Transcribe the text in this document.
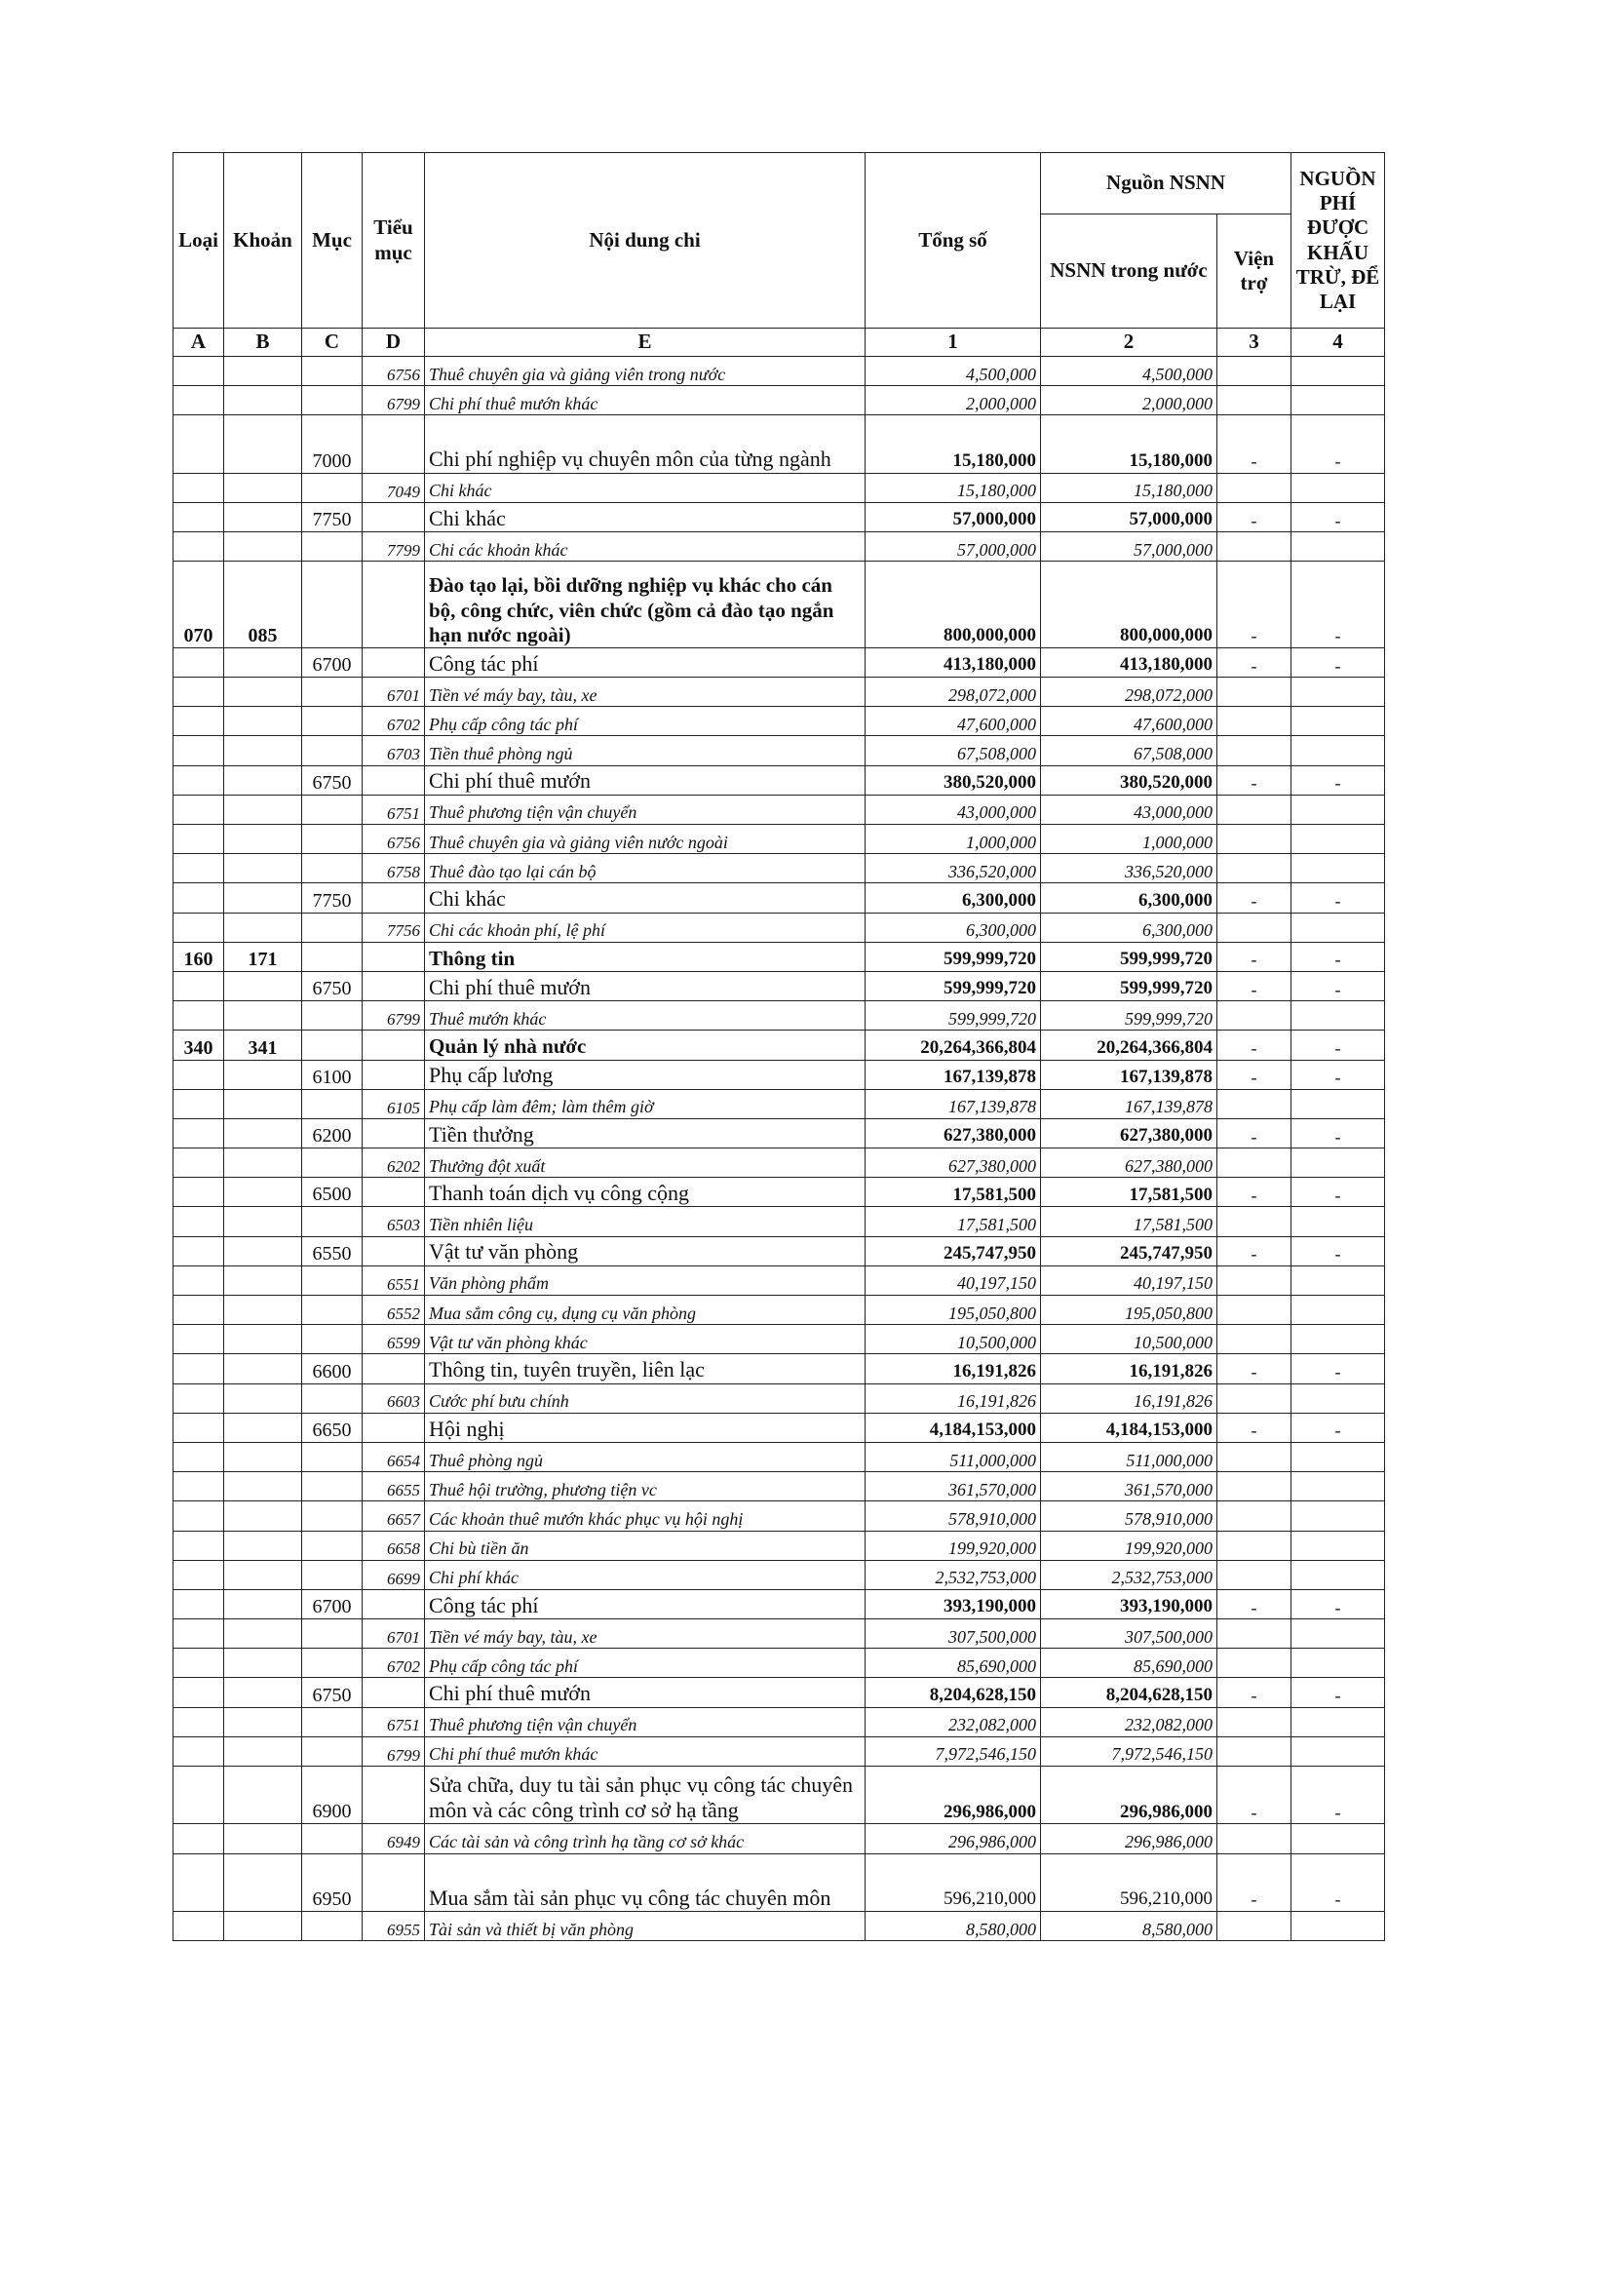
Loại	Khoản	Mục	Tiểu mục	Nội dung chi	Tổng số	Nguồn NSNN		NGUỒN PHÍ ĐƯỢC KHẤU TRỪ, ĐỂ LẠI
						NSNN trong nước	Viện trợ	
A	B	C	D	E	1	2	3	4
			6756	Thuê chuyên gia và giảng viên trong nước	4,500,000	4,500,000		
			6799	Chi phí thuê mướn khác	2,000,000	2,000,000		
		7000		Chi phí nghiệp vụ chuyên môn của từng ngành	15,180,000	15,180,000	-	-
			7049	Chi khác	15,180,000	15,180,000		
		7750		Chi khác	57,000,000	57,000,000	-	-
			7799	Chi các khoản khác	57,000,000	57,000,000		
070	085			Đào tạo lại, bồi dưỡng nghiệp vụ khác cho cán bộ, công chức, viên chức (gồm cả đào tạo ngắn hạn nước ngoài)	800,000,000	800,000,000	-	-
		6700		Công tác phí	413,180,000	413,180,000	-	-
			6701	Tiền vé máy bay, tàu, xe	298,072,000	298,072,000		
			6702	Phụ cấp công tác phí	47,600,000	47,600,000		
			6703	Tiền thuê phòng ngủ	67,508,000	67,508,000		
		6750		Chi phí thuê mướn	380,520,000	380,520,000	-	-
			6751	Thuê phương tiện vận chuyển	43,000,000	43,000,000		
			6756	Thuê chuyên gia và giảng viên nước ngoài	1,000,000	1,000,000		
			6758	Thuê đào tạo lại cán bộ	336,520,000	336,520,000		
		7750		Chi khác	6,300,000	6,300,000	-	-
			7756	Chi các khoản phí, lệ phí	6,300,000	6,300,000		
160	171			Thông tin	599,999,720	599,999,720	-	-
		6750		Chi phí thuê mướn	599,999,720	599,999,720	-	-
			6799	Thuê mướn khác	599,999,720	599,999,720		
340	341			Quản lý nhà nước	20,264,366,804	20,264,366,804	-	-
		6100		Phụ cấp lương	167,139,878	167,139,878	-	-
			6105	Phụ cấp làm đêm; làm thêm giờ	167,139,878	167,139,878		
		6200		Tiền thưởng	627,380,000	627,380,000	-	-
			6202	Thưởng đột xuất	627,380,000	627,380,000		
		6500		Thanh toán dịch vụ công cộng	17,581,500	17,581,500	-	-
			6503	Tiền nhiên liệu	17,581,500	17,581,500		
		6550		Vật tư văn phòng	245,747,950	245,747,950	-	-
			6551	Văn phòng phẩm	40,197,150	40,197,150		
			6552	Mua sắm công cụ, dụng cụ văn phòng	195,050,800	195,050,800		
			6599	Vật tư văn phòng khác	10,500,000	10,500,000		
		6600		Thông tin, tuyên truyền, liên lạc	16,191,826	16,191,826	-	-
			6603	Cước phí bưu chính	16,191,826	16,191,826		
		6650		Hội nghị	4,184,153,000	4,184,153,000	-	-
			6654	Thuê phòng ngủ	511,000,000	511,000,000		
			6655	Thuê hội trường, phương tiện vc	361,570,000	361,570,000		
			6657	Các khoản thuê mướn khác phục vụ hội nghị	578,910,000	578,910,000		
			6658	Chi bù tiền ăn	199,920,000	199,920,000		
			6699	Chi phí khác	2,532,753,000	2,532,753,000		
		6700		Công tác phí	393,190,000	393,190,000	-	-
			6701	Tiền vé máy bay, tàu, xe	307,500,000	307,500,000		
			6702	Phụ cấp công tác phí	85,690,000	85,690,000		
		6750		Chi phí thuê mướn	8,204,628,150	8,204,628,150	-	-
			6751	Thuê phương tiện vận chuyển	232,082,000	232,082,000		
			6799	Chi phí thuê mướn khác	7,972,546,150	7,972,546,150		
		6900		Sửa chữa, duy tu tài sản phục vụ công tác chuyên môn và các công trình cơ sở hạ tầng	296,986,000	296,986,000	-	-
			6949	Các tài sản và công trình hạ tầng cơ sở khác	296,986,000	296,986,000		
		6950		Mua sắm tài sản phục vụ công tác chuyên môn	596,210,000	596,210,000	-	-
			6955	Tài sản và thiết bị văn phòng	8,580,000	8,580,000		
